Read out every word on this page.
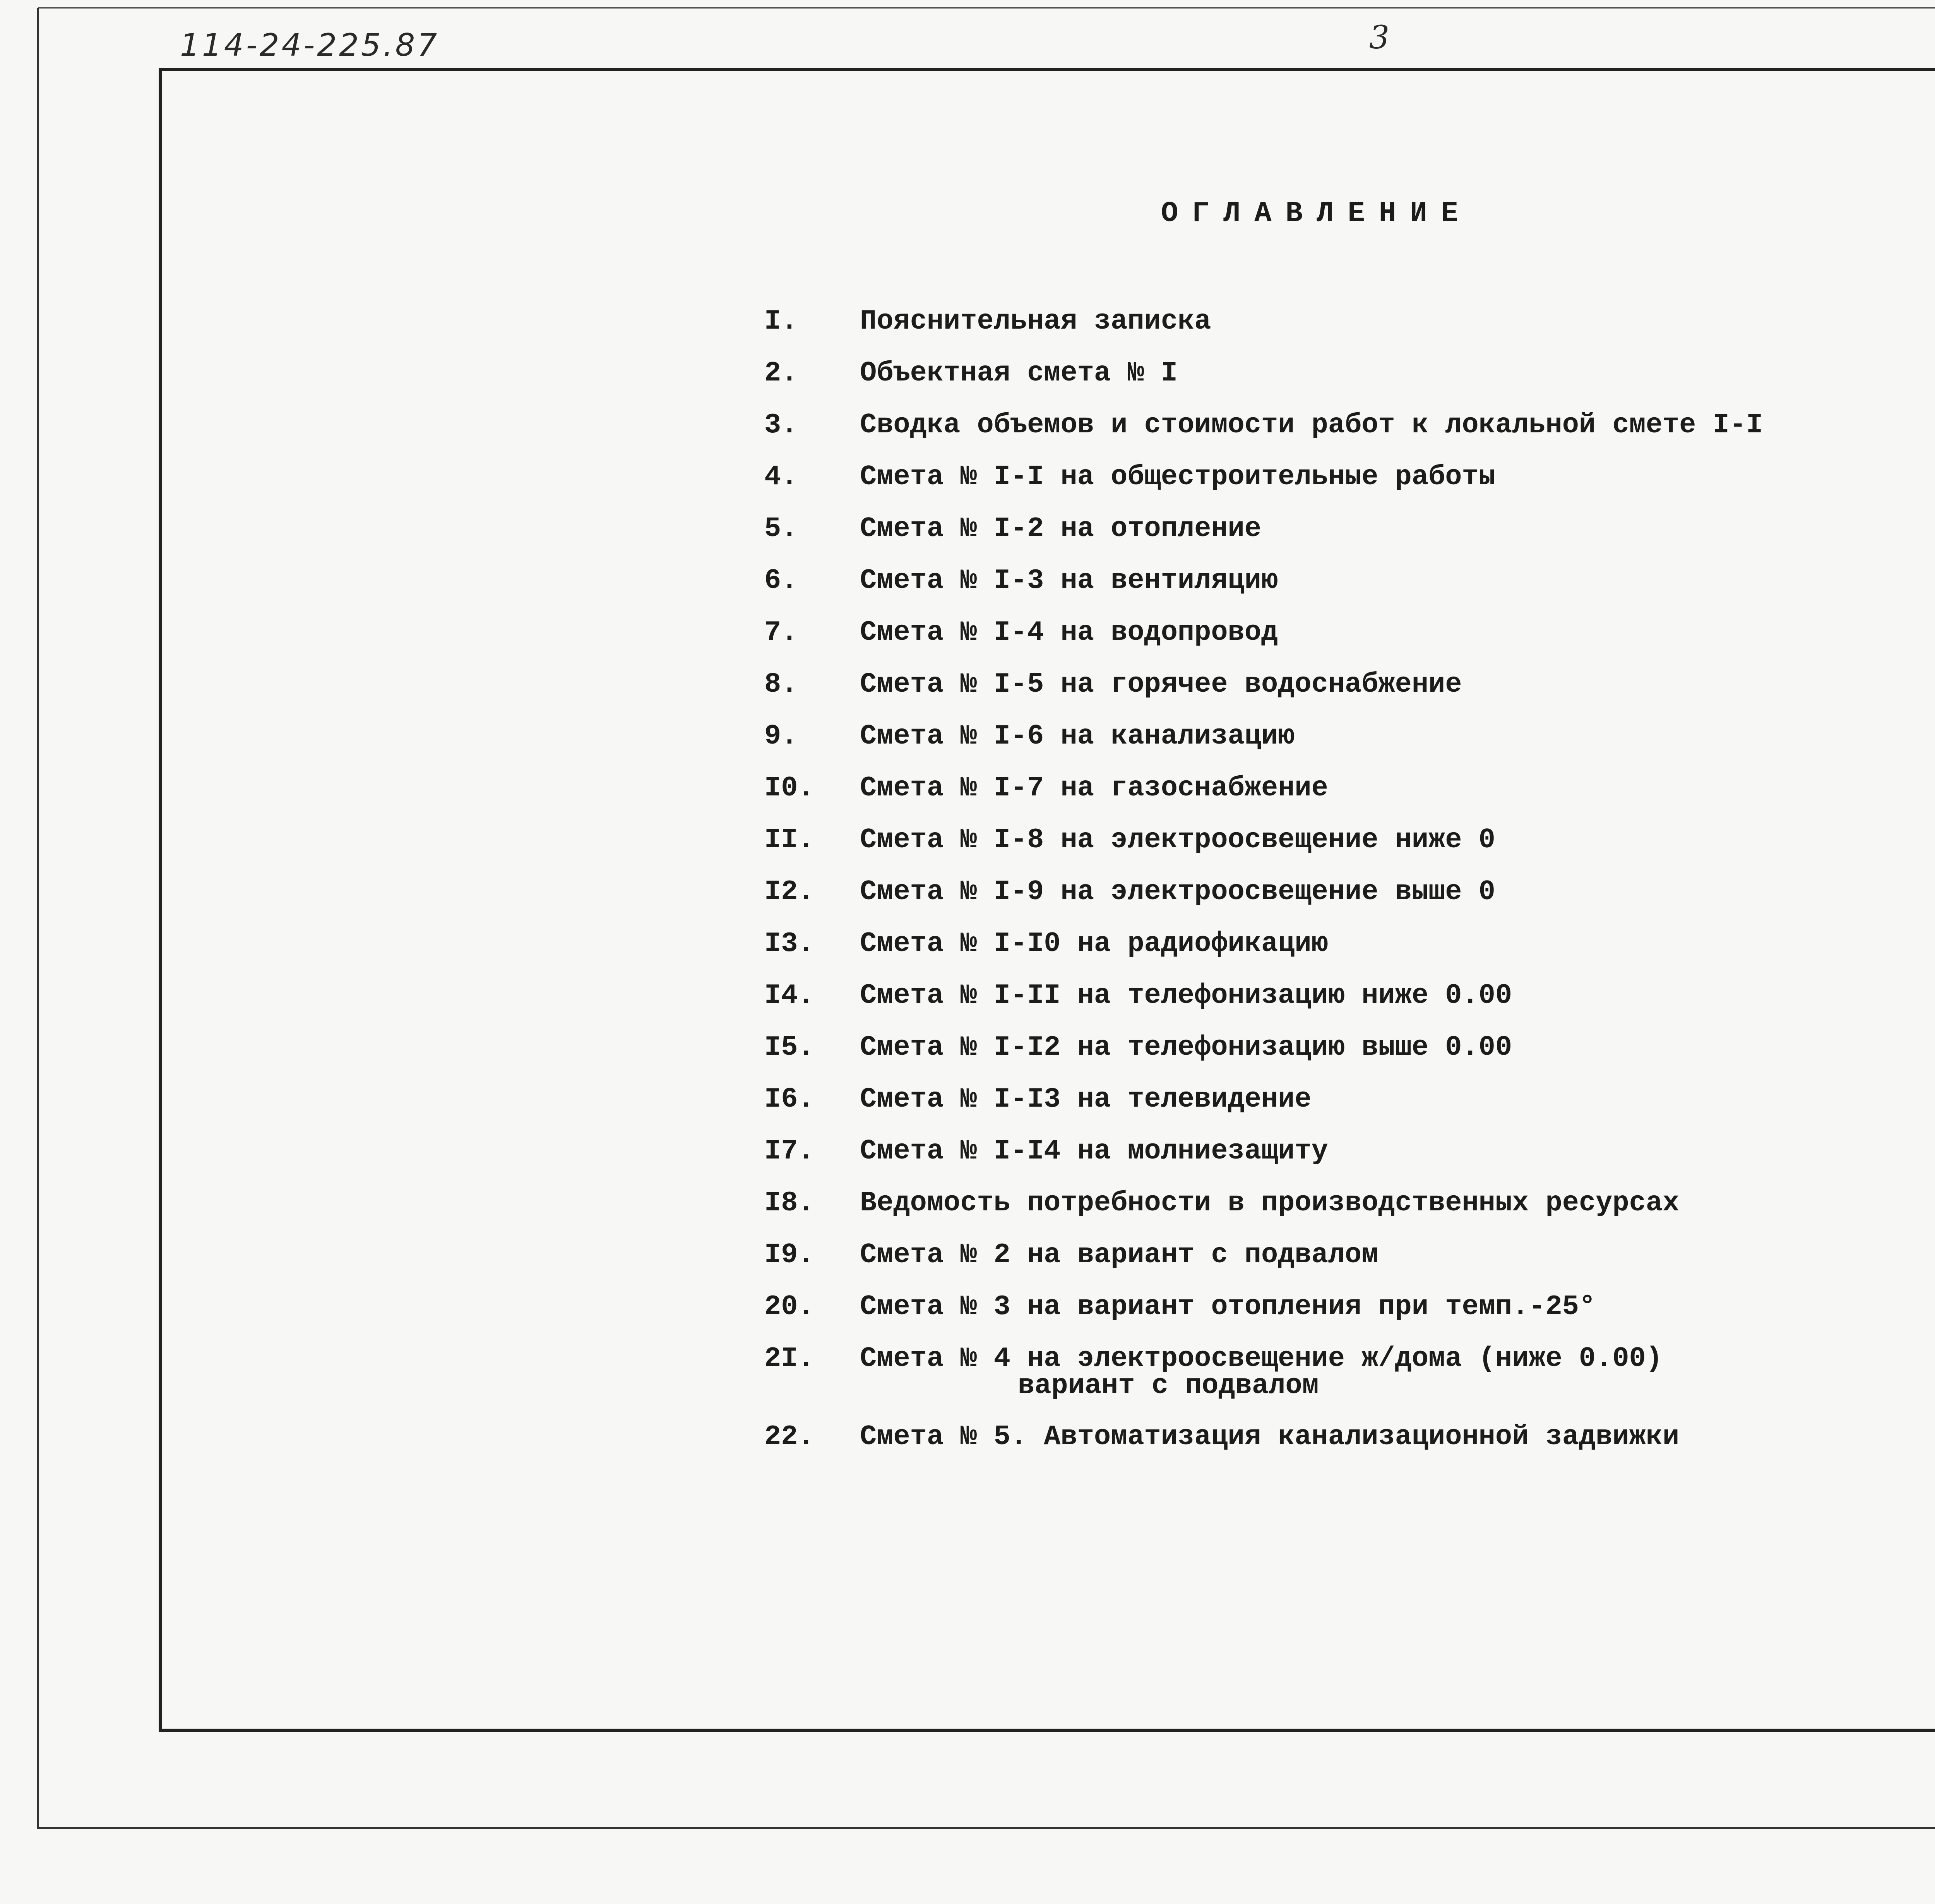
114-24-225.87	3
ОГЛАВЛЕНИЕ
I. Пояснительная записка
2. Объектная смета № I
3. Сводка объемов и стоимости работ к локальной смете I-I
4. Смета № I-I на общестроительные работы
5. Смета № I-2 на отопление
6. Смета № I-3 на вентиляцию
7. Смета № I-4 на водопровод
8. Смета № I-5 на горячее водоснабжение
9. Смета № I-6 на канализацию
I0. Смета № I-7 на газоснабжение
II. Смета № I-8 на электроосвещение ниже 0
I2. Смета № I-9 на электроосвещение выше 0
I3. Смета № I-I0 на радиофикацию
I4. Смета № I-II на телефонизацию ниже 0.00
I5. Смета № I-I2 на телефонизацию выше 0.00
I6. Смета № I-I3 на телевидение
I7. Смета № I-I4 на молниезащиту
I8. Ведомость потребности в производственных ресурсах
I9. Смета № 2 на вариант с подвалом
20. Смета № 3 на вариант отопления при темп.-25°
2I. Смета № 4 на электроосвещение ж/дома (ниже 0.00)
вариант с подвалом
22. Смета № 5. Автоматизация канализационной задвижки
